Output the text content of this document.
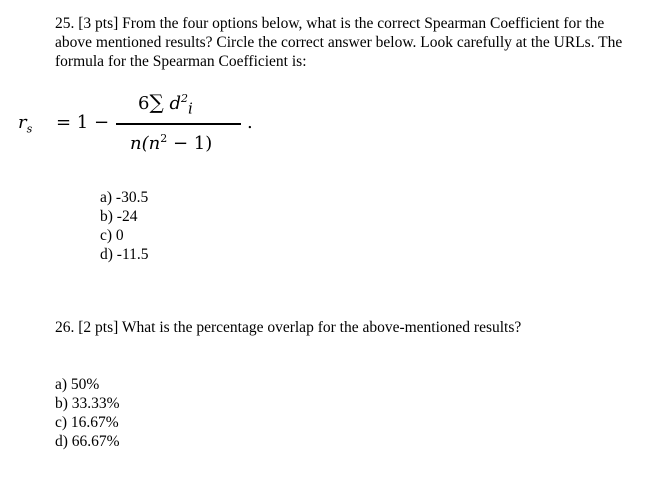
25. [3 pts] From the four options below, what is the correct Spearman Coefficient for the above mentioned results? Circle the correct answer below. Look carefully at the URLs. The formula for the Spearman Coefficient is:
$r_s = 1$ −
6∑ $d^2_i$
$n(n^2 - 1)$
.
a) -30.5
b) -24
c) 0
d) -11.5
26. [2 pts] What is the percentage overlap for the above-mentioned results?
a) 50%
b) 33.33%
c) 16.67%
d) 66.67%
